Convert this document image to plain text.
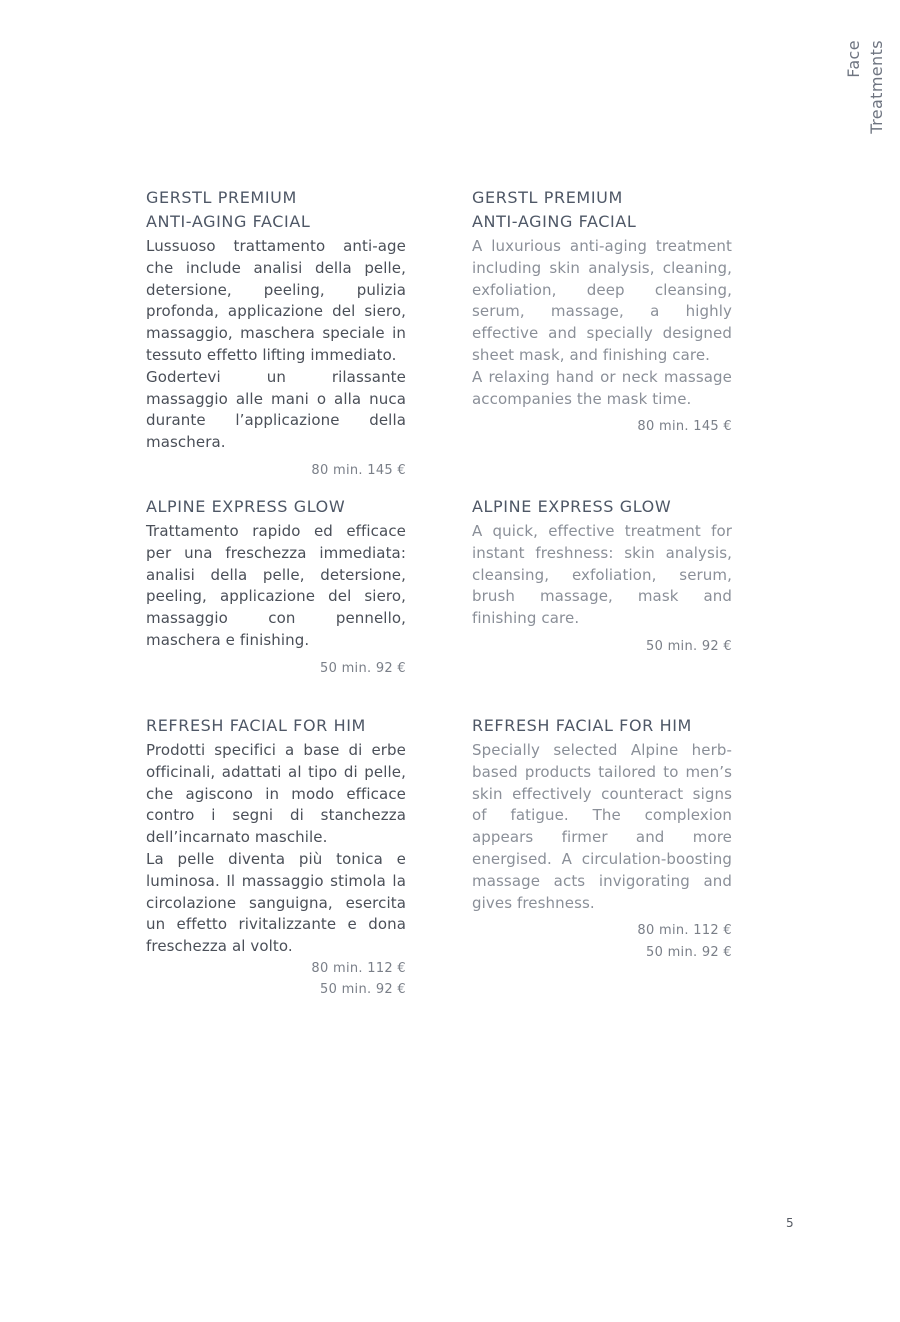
Face Treatments
GERSTL PREMIUM
ANTI-AGING FACIAL

Lussuoso trattamento anti-age che include analisi della pelle, detersione, peeling, pulizia profonda, applicazione del siero, massaggio, maschera speciale in tessuto effetto lifting immediato.

Godertevi un rilassante massaggio alle mani o alla nuca durante l’applicazione della maschera.

80 min. 145 €
ALPINE EXPRESS GLOW

Trattamento rapido ed efficace per una freschezza immediata: analisi della pelle, detersione, peeling, applicazione del siero, massaggio con pennello, maschera e finishing.

50 min. 92 €
REFRESH FACIAL FOR HIM

Prodotti specifici a base di erbe officinali, adattati al tipo di pelle, che agiscono in modo efficace contro i segni di stanchezza dell’incarnato maschile.

La pelle diventa più tonica e luminosa. Il massaggio stimola la circolazione sanguigna, esercita un effetto rivitalizzante e dona freschezza al volto.

80 min. 112 €
50 min. 92 €
GERSTL PREMIUM
ANTI-AGING FACIAL

A luxurious anti-aging treatment including skin analysis, cleaning, exfoliation, deep cleansing, serum, massage, a highly effective and specially designed sheet mask, and finishing care.

A relaxing hand or neck massage accompanies the mask time.

80 min. 145 €
ALPINE EXPRESS GLOW

A quick, effective treatment for instant freshness: skin analysis, cleansing, exfoliation, serum, brush massage, mask and finishing care.

50 min. 92 €
REFRESH FACIAL FOR HIM

Specially selected Alpine herb-based products tailored to men’s skin effectively counteract signs of fatigue. The complexion appears firmer and more energised. A circulation-boosting massage acts invigorating and gives freshness.

80 min. 112 €
50 min. 92 €
5
